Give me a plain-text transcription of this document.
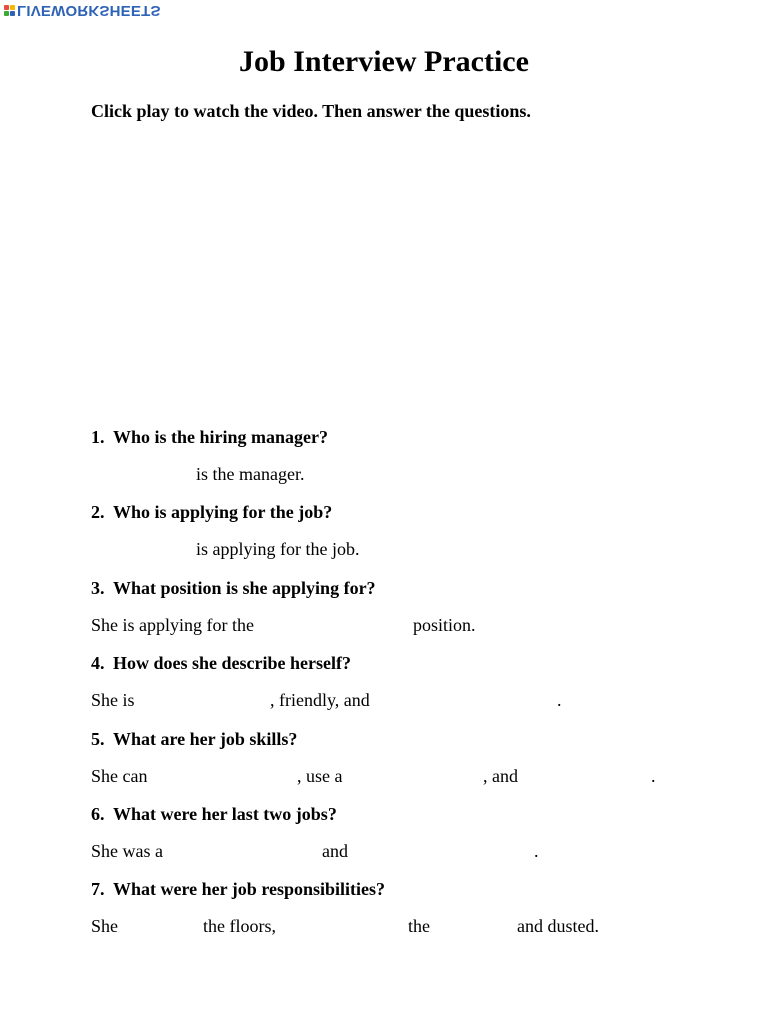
LIVEWORKSHEETS
Job Interview Practice
Click play to watch the video. Then answer the questions.
1. Who is the hiring manager?
is the manager.
2. Who is applying for the job?
is applying for the job.
3. What position is she applying for?
She is applying for the	position.
4. How does she describe herself?
She is	, friendly, and	.
5. What are her job skills?
She can	, use a	, and	.
6. What were her last two jobs?
She was a	and	.
7. What were her job responsibilities?
She	the floors,	the	and dusted.
